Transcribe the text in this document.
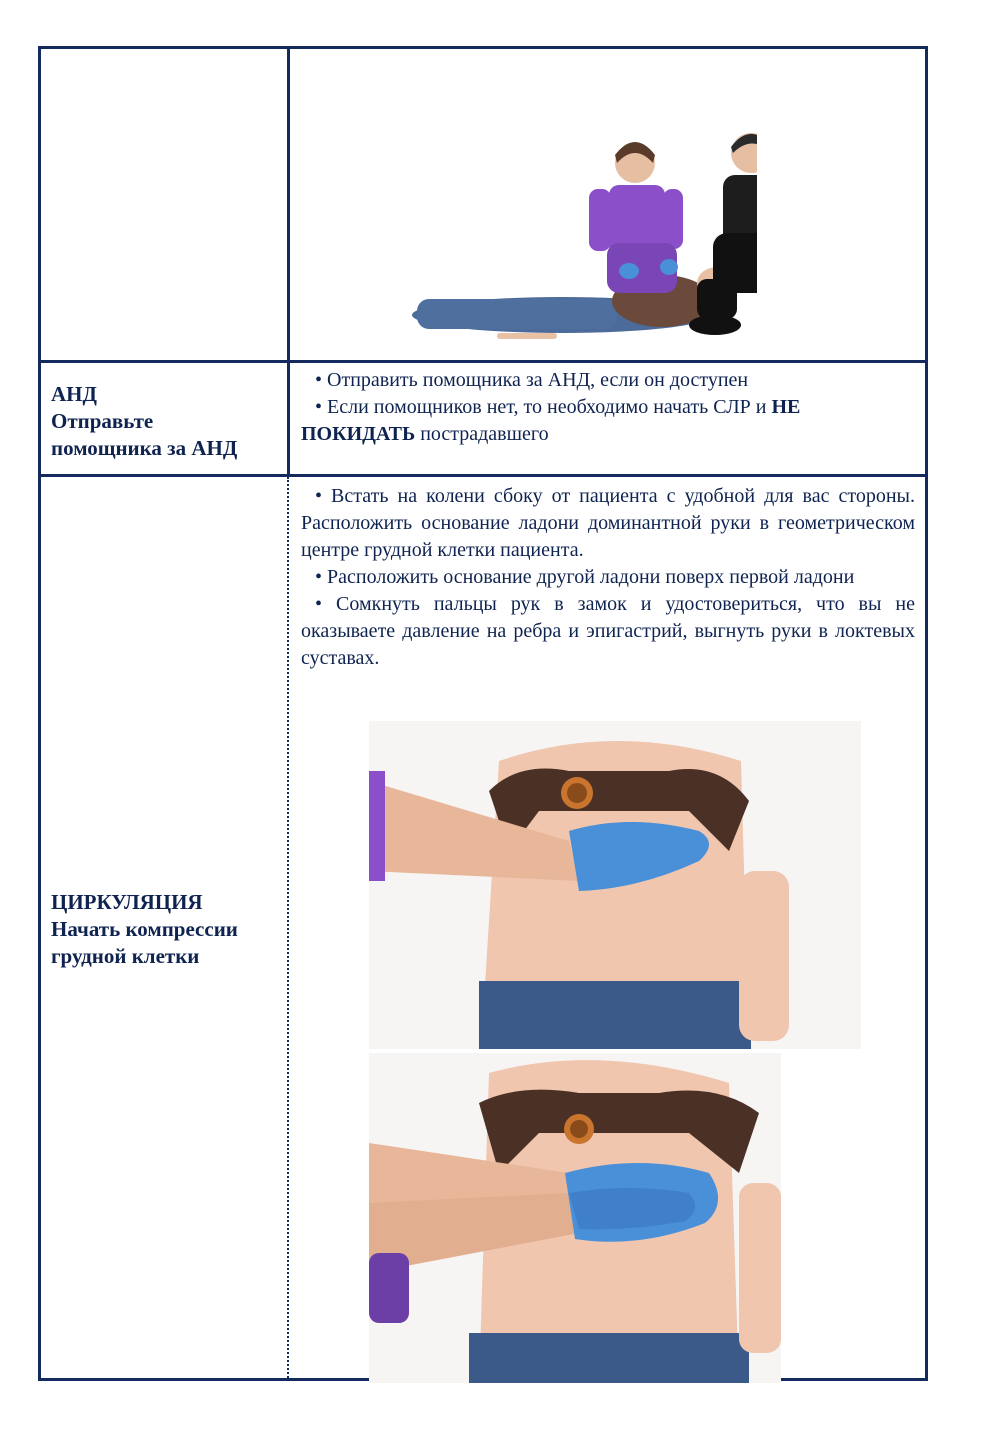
АНД
Отправьте
помощника за АНД

• Отправить помощника за АНД, если он доступен

• Если помощников нет, то необходимо начать СЛР и НЕ ПОКИДАТЬ пострадавшего

ЦИРКУЛЯЦИЯ
Начать компрессии
грудной клетки

• Встать на колени сбоку от пациента с удобной для вас стороны. Расположить основание ладони доминантной руки в геометрическом центре грудной клетки пациента.

• Расположить основание другой ладони поверх первой ладони

• Сомкнуть пальцы рук в замок и удостовериться, что вы не оказываете давление на ребра и эпигастрий, выгнуть руки в локтевых суставах.
